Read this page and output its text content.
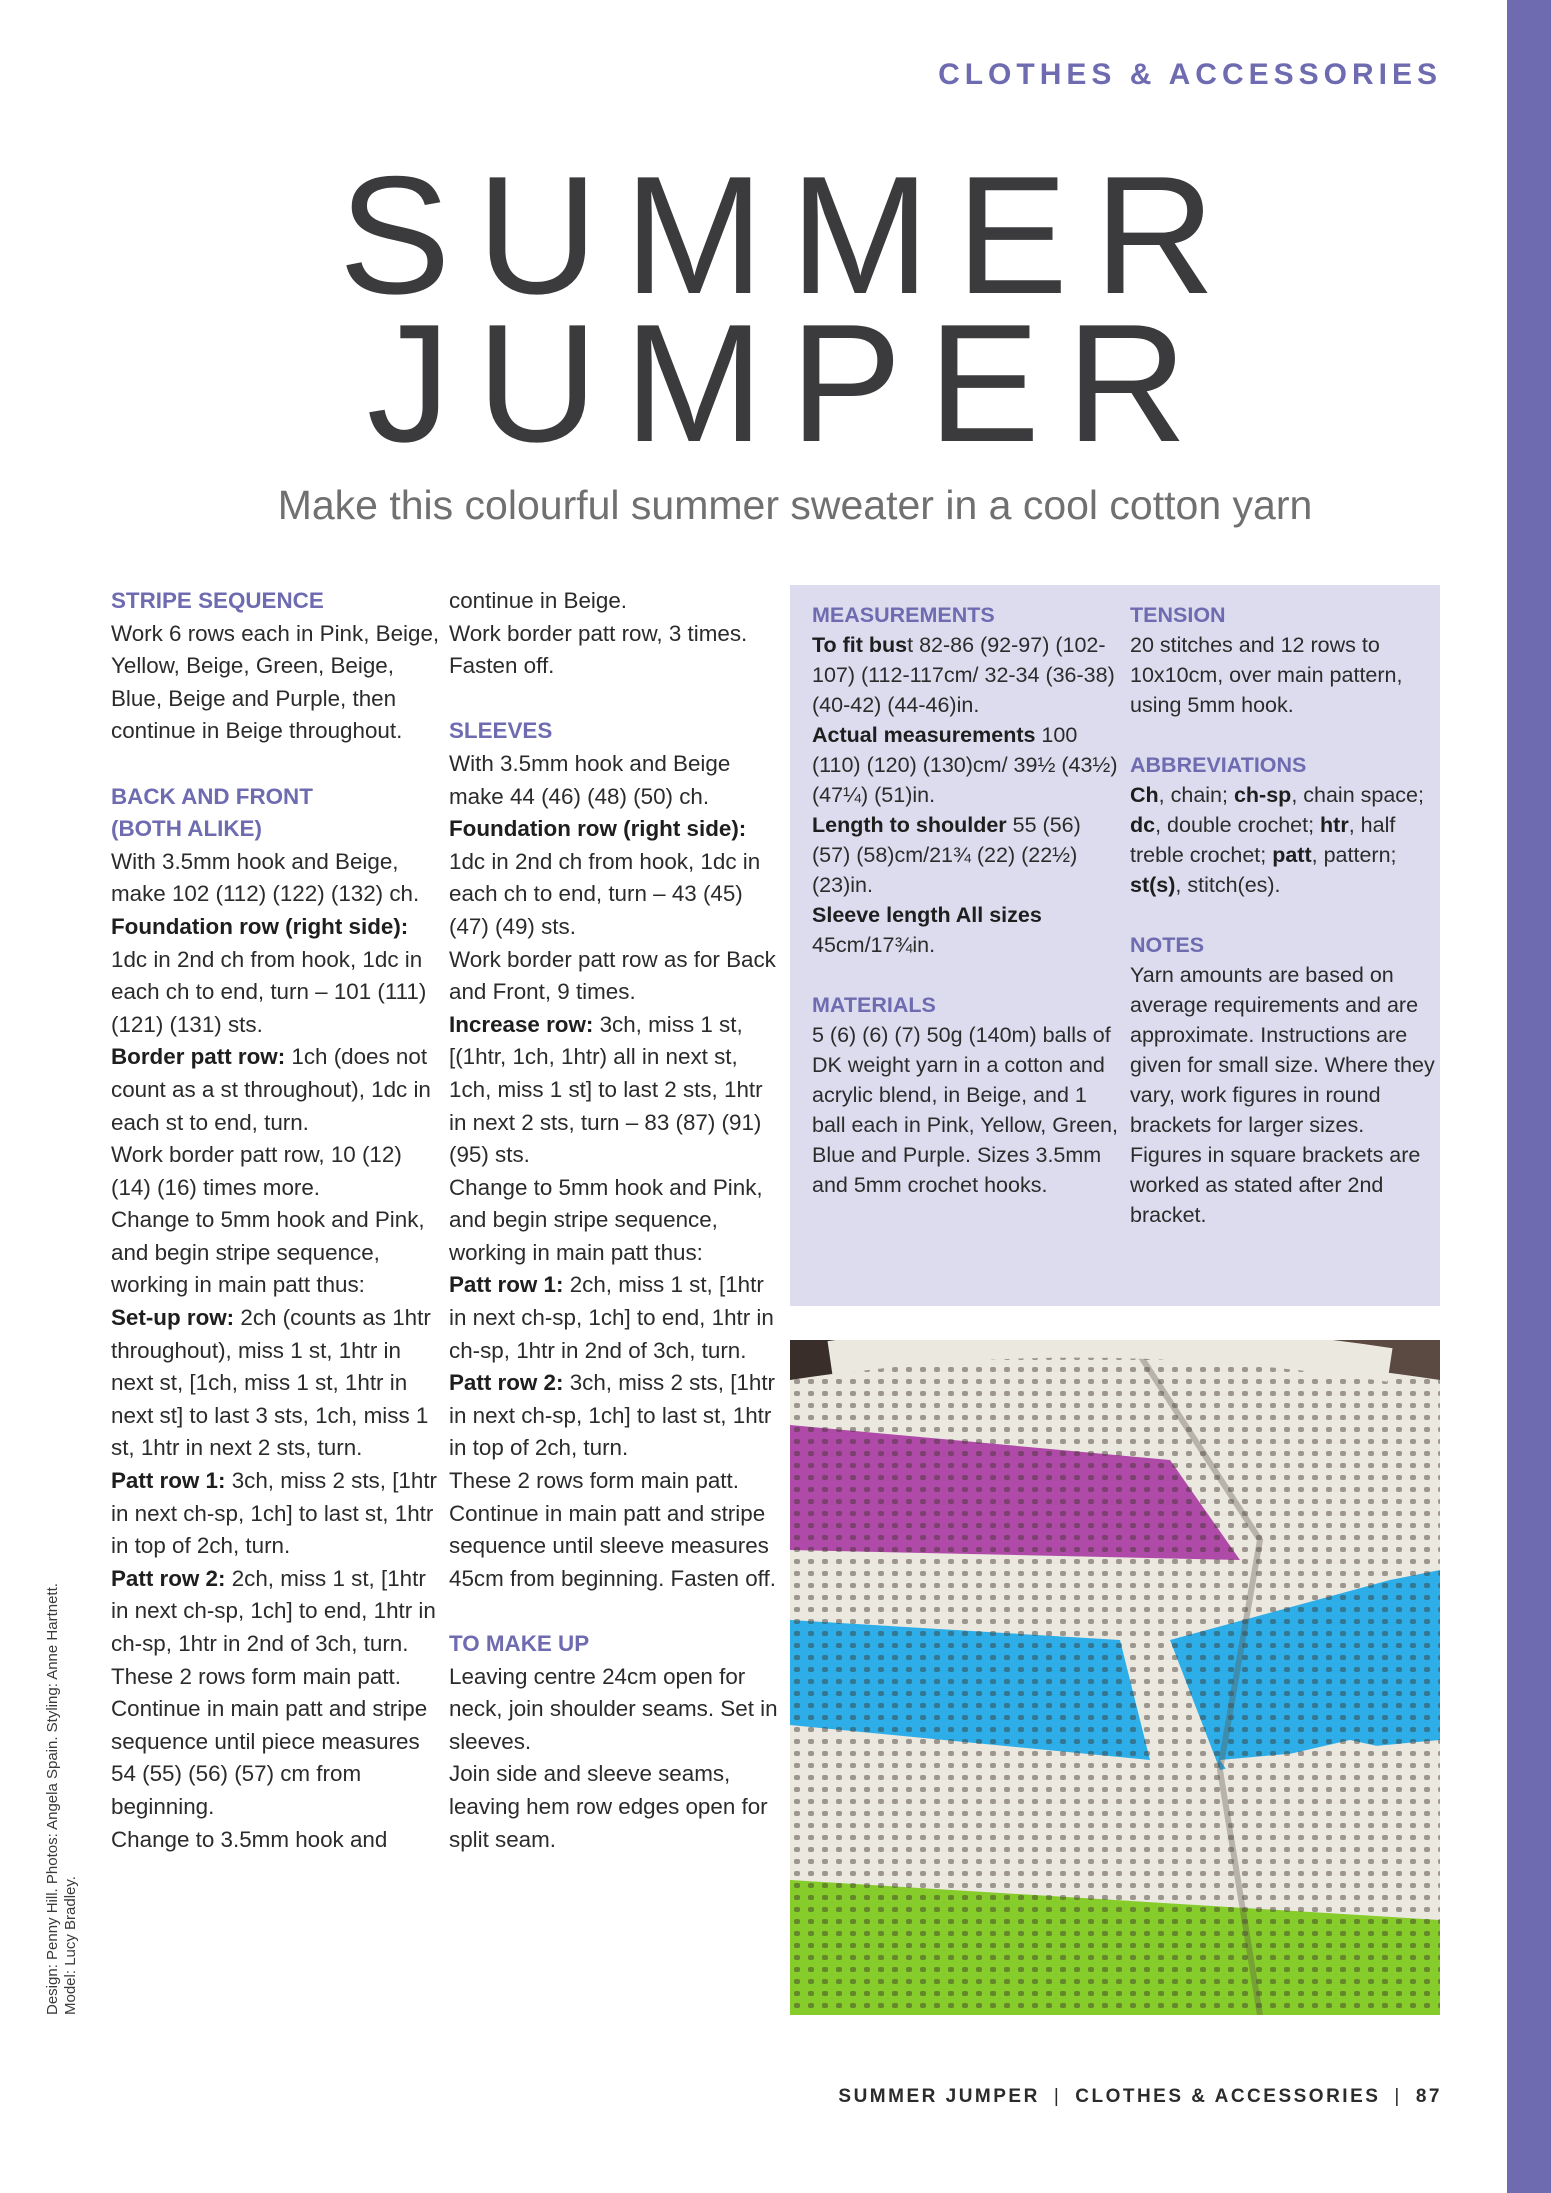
CLOTHES & ACCESSORIES
SUMMER
JUMPER
Make this colourful summer sweater in a cool cotton yarn
STRIPE SEQUENCE

Work 6 rows each in Pink, Beige, Yellow, Beige, Green, Beige, Blue, Beige and Purple, then continue in Beige throughout.

BACK AND FRONT
(BOTH ALIKE)

With 3.5mm hook and Beige, make 102 (112) (122) (132) ch.

Foundation row (right side): 1dc in 2nd ch from hook, 1dc in each ch to end, turn – 101 (111) (121) (131) sts.

Border patt row: 1ch (does not count as a st throughout), 1dc in each st to end, turn.

Work border patt row, 10 (12) (14) (16) times more.

Change to 5mm hook and Pink, and begin stripe sequence, working in main patt thus:

Set-up row: 2ch (counts as 1htr throughout), miss 1 st, 1htr in next st, [1ch, miss 1 st, 1htr in next st] to last 3 sts, 1ch, miss 1 st, 1htr in next 2 sts, turn.

Patt row 1: 3ch, miss 2 sts, [1htr in next ch-sp, 1ch] to last st, 1htr in top of 2ch, turn.

Patt row 2: 2ch, miss 1 st, [1htr in next ch-sp, 1ch] to end, 1htr in ch-sp, 1htr in 2nd of 3ch, turn.

These 2 rows form main patt.

Continue in main patt and stripe sequence until piece measures 54 (55) (56) (57) cm from beginning.

Change to 3.5mm hook and

continue in Beige.

Work border patt row, 3 times. Fasten off.

SLEEVES

With 3.5mm hook and Beige make 44 (46) (48) (50) ch.

Foundation row (right side): 1dc in 2nd ch from hook, 1dc in each ch to end, turn – 43 (45) (47) (49) sts.

Work border patt row as for Back and Front, 9 times.

Increase row: 3ch, miss 1 st, [(1htr, 1ch, 1htr) all in next st, 1ch, miss 1 st] to last 2 sts, 1htr in next 2 sts, turn – 83 (87) (91) (95) sts.

Change to 5mm hook and Pink, and begin stripe sequence, working in main patt thus:

Patt row 1: 2ch, miss 1 st, [1htr in next ch-sp, 1ch] to end, 1htr in ch-sp, 1htr in 2nd of 3ch, turn.

Patt row 2: 3ch, miss 2 sts, [1htr in next ch-sp, 1ch] to last st, 1htr in top of 2ch, turn.

These 2 rows form main patt.

Continue in main patt and stripe sequence until sleeve measures 45cm from beginning. Fasten off.

TO MAKE UP

Leaving centre 24cm open for neck, join shoulder seams. Set in sleeves.

Join side and sleeve seams, leaving hem row edges open for split seam.

MEASUREMENTS

To fit bust 82-86 (92-97) (102-107) (112-117cm/ 32-34 (36-38) (40-42) (44-46)in.

Actual measurements 100 (110) (120) (130)cm/ 39½ (43½) (47¼) (51)in.

Length to shoulder 55 (56) (57) (58)cm/21¾ (22) (22½) (23)in.

Sleeve length All sizes 45cm/17¾in.

MATERIALS

5 (6) (6) (7) 50g (140m) balls of DK weight yarn in a cotton and acrylic blend, in Beige, and 1 ball each in Pink, Yellow, Green, Blue and Purple. Sizes 3.5mm and 5mm crochet hooks.

TENSION

20 stitches and 12 rows to 10x10cm, over main pattern, using 5mm hook.

ABBREVIATIONS

Ch, chain; ch-sp, chain space; dc, double crochet; htr, half treble crochet; patt, pattern; st(s), stitch(es).

NOTES

Yarn amounts are based on average requirements and are approximate. Instructions are given for small size. Where they vary, work figures in round brackets for larger sizes. Figures in square brackets are worked as stated after 2nd bracket.

Design: Penny Hill. Photos: Angela Spain. Styling: Anne Hartnett. Model: Lucy Bradley.
SUMMER JUMPER | CLOTHES & ACCESSORIES | 87
